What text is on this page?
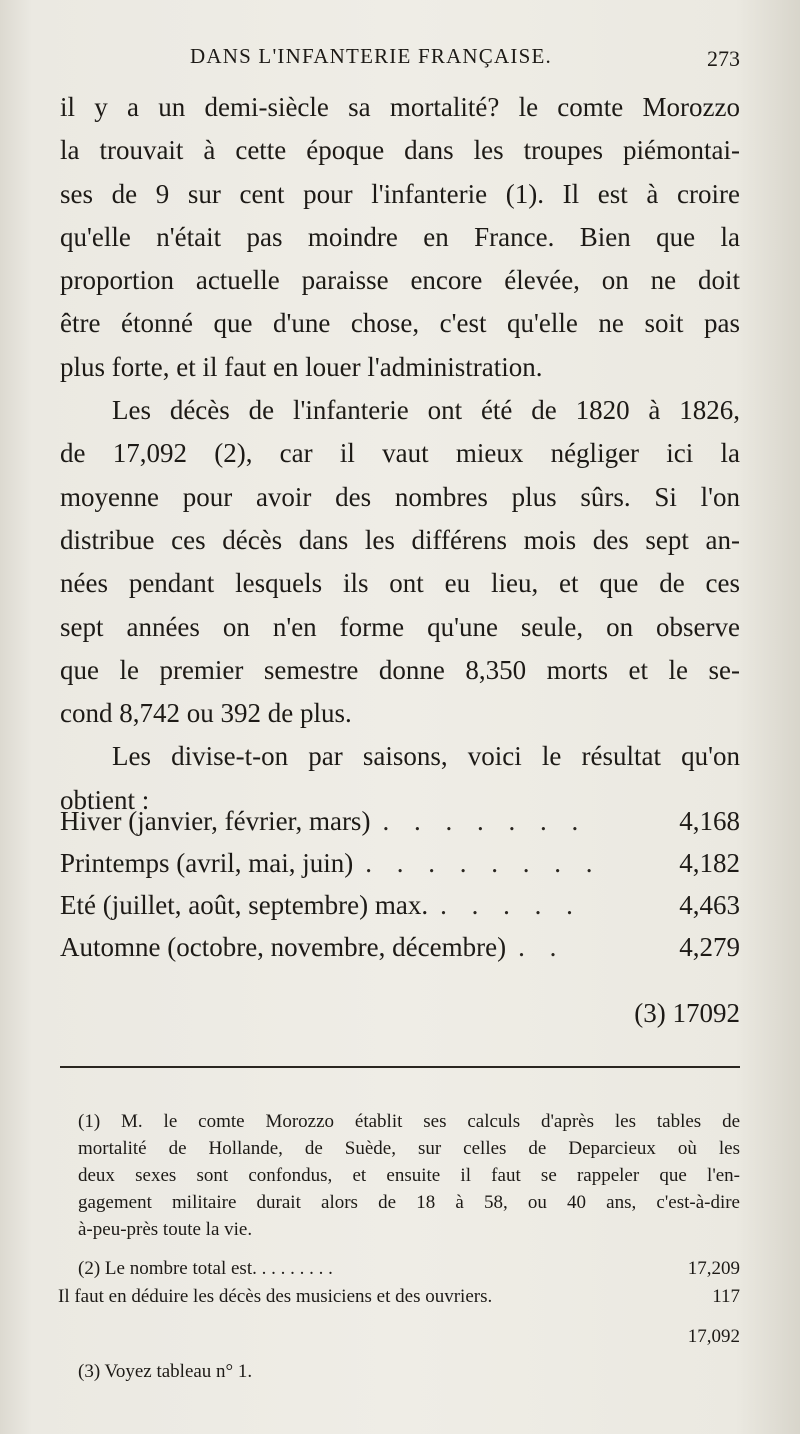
DANS L'INFANTERIE FRANÇAISE.	273
il y a un demi-siècle sa mortalité? le comte Morozzo
la trouvait à cette époque dans les troupes piémontai-
ses de 9 sur cent pour l'infanterie (1). Il est à croire
qu'elle n'était pas moindre en France. Bien que la
proportion actuelle paraisse encore élevée, on ne doit
être étonné que d'une chose, c'est qu'elle ne soit pas
plus forte, et il faut en louer l'administration.
Les décès de l'infanterie ont été de 1820 à 1826,
de 17,092 (2), car il vaut mieux négliger ici la
moyenne pour avoir des nombres plus sûrs. Si l'on
distribue ces décès dans les différens mois des sept an-
nées pendant lesquels ils ont eu lieu, et que de ces
sept années on n'en forme qu'une seule, on observe
que le premier semestre donne 8,350 morts et le se-
cond 8,742 ou 392 de plus.
Les divise-t-on par saisons, voici le résultat qu'on
obtient :
Hiver (janvier, février, mars) . . . . . . .	4,168
Printemps (avril, mai, juin) . . . . . . . .	4,182
Eté (juillet, août, septembre) max. . . . . .	4,463
Automne (octobre, novembre, décembre) . .	4,279
(3) 17092
(1) M. le comte Morozzo établit ses calculs d'après les tables de
mortalité de Hollande, de Suède, sur celles de Deparcieux où les
deux sexes sont confondus, et ensuite il faut se rappeler que l'en-
gagement militaire durait alors de 18 à 58, ou 40 ans, c'est-à-dire
à-peu-près toute la vie.
(2) Le nombre total est. . . . . . . . .	17,209
Il faut en déduire les décès des musiciens et des ouvriers.	117
17,092
(3) Voyez tableau n° 1.
